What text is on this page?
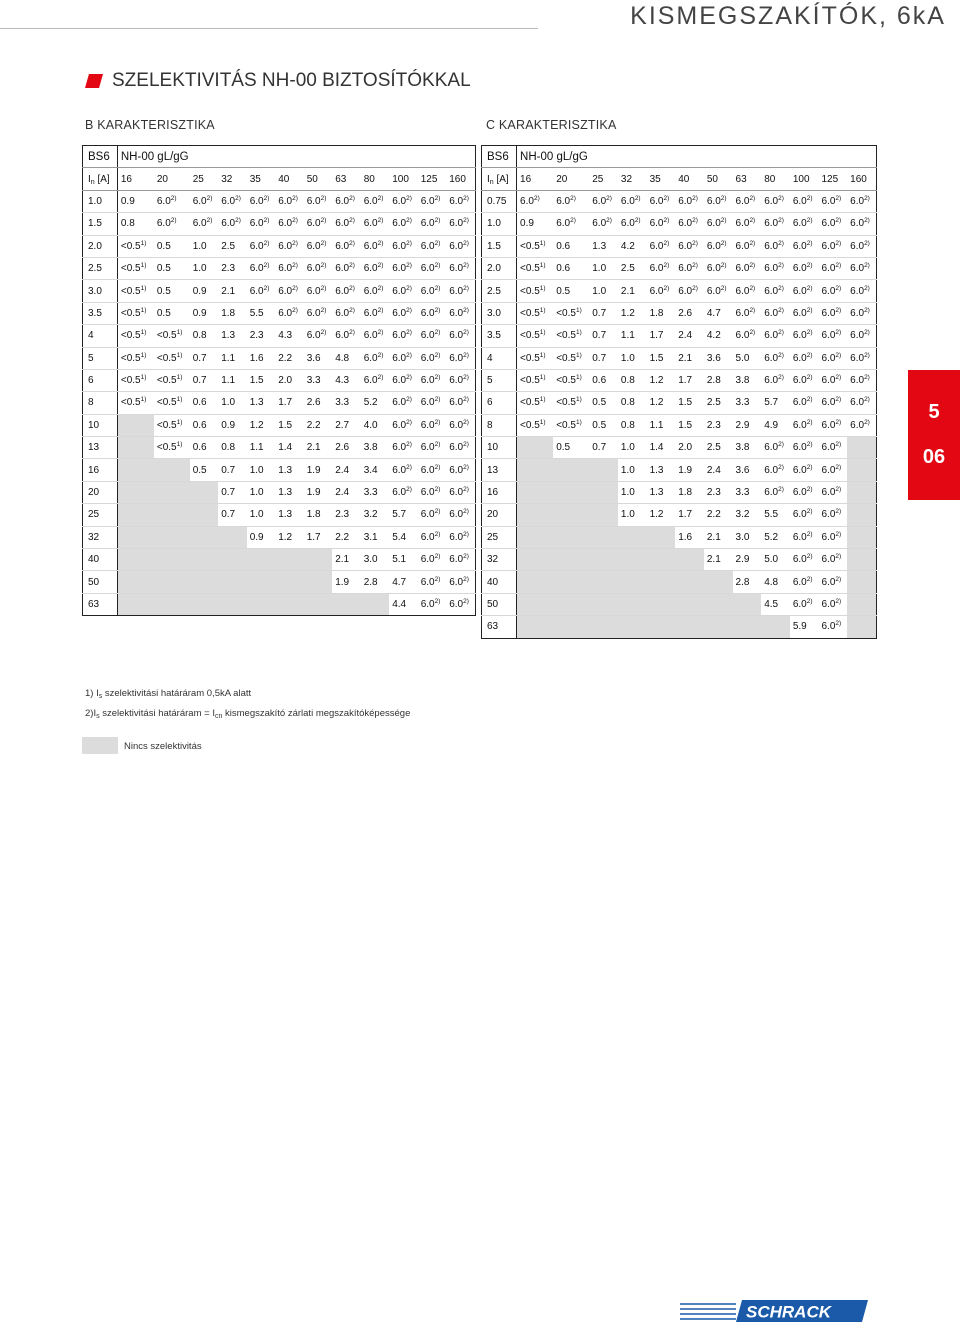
KISMEGSZAKÍTÓK, 6kA
SZELEKTIVITÁS NH-00 BIZTOSÍTÓKKAL
B KARAKTERISZTIKA
BS6	NH-00 gL/gG											
$I_n$ [A]	16	20	25	32	35	40	50	63	80	100	125	160
1.0	0.9	6.0$^{2)}$	6.0$^{2)}$	6.0$^{2)}$	6.0$^{2)}$	6.0$^{2)}$	6.0$^{2)}$	6.0$^{2)}$	6.0$^{2)}$	6.0$^{2)}$	6.0$^{2)}$	6.0$^{2)}$
1.5	0.8	6.0$^{2)}$	6.0$^{2)}$	6.0$^{2)}$	6.0$^{2)}$	6.0$^{2)}$	6.0$^{2)}$	6.0$^{2)}$	6.0$^{2)}$	6.0$^{2)}$	6.0$^{2)}$	6.0$^{2)}$
2.0	$<0.5^{1)}$	0.5	1.0	2.5	6.0$^{2)}$	6.0$^{2)}$	6.0$^{2)}$	6.0$^{2)}$	6.0$^{2)}$	6.0$^{2)}$	6.0$^{2)}$	6.0$^{2)}$
2.5	$<0.5^{1)}$	0.5	1.0	2.3	6.0$^{2)}$	6.0$^{2)}$	6.0$^{2)}$	6.0$^{2)}$	6.0$^{2)}$	6.0$^{2)}$	6.0$^{2)}$	6.0$^{2)}$
3.0	$<0.5^{1)}$	0.5	0.9	2.1	6.0$^{2)}$	6.0$^{2)}$	6.0$^{2)}$	6.0$^{2)}$	6.0$^{2)}$	6.0$^{2)}$	6.0$^{2)}$	6.0$^{2)}$
3.5	$<0.5^{1)}$	0.5	0.9	1.8	5.5	6.0$^{2)}$	6.0$^{2)}$	6.0$^{2)}$	6.0$^{2)}$	6.0$^{2)}$	6.0$^{2)}$	6.0$^{2)}$
4	$<0.5^{1)}$	$<0.5^{1)}$	0.8	1.3	2.3	4.3	6.0$^{2)}$	6.0$^{2)}$	6.0$^{2)}$	6.0$^{2)}$	6.0$^{2)}$	6.0$^{2)}$
5	$<0.5^{1)}$	$<0.5^{1)}$	0.7	1.1	1.6	2.2	3.6	4.8	6.0$^{2)}$	6.0$^{2)}$	6.0$^{2)}$	6.0$^{2)}$
6	$<0.5^{1)}$	$<0.5^{1)}$	0.7	1.1	1.5	2.0	3.3	4.3	6.0$^{2)}$	6.0$^{2)}$	6.0$^{2)}$	6.0$^{2)}$
8	$<0.5^{1)}$	$<0.5^{1)}$	0.6	1.0	1.3	1.7	2.6	3.3	5.2	6.0$^{2)}$	6.0$^{2)}$	6.0$^{2)}$
10		$<0.5^{1)}$	0.6	0.9	1.2	1.5	2.2	2.7	4.0	6.0$^{2)}$	6.0$^{2)}$	6.0$^{2)}$
13		$<0.5^{1)}$	0.6	0.8	1.1	1.4	2.1	2.6	3.8	6.0$^{2)}$	6.0$^{2)}$	6.0$^{2)}$
16			0.5	0.7	1.0	1.3	1.9	2.4	3.4	6.0$^{2)}$	6.0$^{2)}$	6.0$^{2)}$
20				0.7	1.0	1.3	1.9	2.4	3.3	6.0$^{2)}$	6.0$^{2)}$	6.0$^{2)}$
25				0.7	1.0	1.3	1.8	2.3	3.2	5.7	6.0$^{2)}$	6.0$^{2)}$
32					0.9	1.2	1.7	2.2	3.1	5.4	6.0$^{2)}$	6.0$^{2)}$
40								2.1	3.0	5.1	6.0$^{2)}$	6.0$^{2)}$
50								1.9	2.8	4.7	6.0$^{2)}$	6.0$^{2)}$
63										4.4	6.0$^{2)}$	6.0$^{2)}$
C KARAKTERISZTIKA
BS6	NH-00 gL/gG											
$I_n$ [A]	16	20	25	32	35	40	50	63	80	100	125	160
0.75	6.0$^{2)}$	6.0$^{2)}$	6.0$^{2)}$	6.0$^{2)}$	6.0$^{2)}$	6.0$^{2)}$	6.0$^{2)}$	6.0$^{2)}$	6.0$^{2)}$	6.0$^{2)}$	6.0$^{2)}$	6.0$^{2)}$
1.0	0.9	6.0$^{2)}$	6.0$^{2)}$	6.0$^{2)}$	6.0$^{2)}$	6.0$^{2)}$	6.0$^{2)}$	6.0$^{2)}$	6.0$^{2)}$	6.0$^{2)}$	6.0$^{2)}$	6.0$^{2)}$
1.5	$<0.5^{1)}$	0.6	1.3	4.2	6.0$^{2)}$	6.0$^{2)}$	6.0$^{2)}$	6.0$^{2)}$	6.0$^{2)}$	6.0$^{2)}$	6.0$^{2)}$	6.0$^{2)}$
2.0	$<0.5^{1)}$	0.6	1.0	2.5	6.0$^{2)}$	6.0$^{2)}$	6.0$^{2)}$	6.0$^{2)}$	6.0$^{2)}$	6.0$^{2)}$	6.0$^{2)}$	6.0$^{2)}$
2.5	$<0.5^{1)}$	0.5	1.0	2.1	6.0$^{2)}$	6.0$^{2)}$	6.0$^{2)}$	6.0$^{2)}$	6.0$^{2)}$	6.0$^{2)}$	6.0$^{2)}$	6.0$^{2)}$
3.0	$<0.5^{1)}$	$<0.5^{1)}$	0.7	1.2	1.8	2.6	4.7	6.0$^{2)}$	6.0$^{2)}$	6.0$^{2)}$	6.0$^{2)}$	6.0$^{2)}$
3.5	$<0.5^{1)}$	$<0.5^{1)}$	0.7	1.1	1.7	2.4	4.2	6.0$^{2)}$	6.0$^{2)}$	6.0$^{2)}$	6.0$^{2)}$	6.0$^{2)}$
4	$<0.5^{1)}$	$<0.5^{1)}$	0.7	1.0	1.5	2.1	3.6	5.0	6.0$^{2)}$	6.0$^{2)}$	6.0$^{2)}$	6.0$^{2)}$
5	$<0.5^{1)}$	$<0.5^{1)}$	0.6	0.8	1.2	1.7	2.8	3.8	6.0$^{2)}$	6.0$^{2)}$	6.0$^{2)}$	6.0$^{2)}$
6	$<0.5^{1)}$	$<0.5^{1)}$	0.5	0.8	1.2	1.5	2.5	3.3	5.7	6.0$^{2)}$	6.0$^{2)}$	6.0$^{2)}$
8	$<0.5^{1)}$	$<0.5^{1)}$	0.5	0.8	1.1	1.5	2.3	2.9	4.9	6.0$^{2)}$	6.0$^{2)}$	6.0$^{2)}$
10		0.5	0.7	1.0	1.4	2.0	2.5	3.8	6.0$^{2)}$	6.0$^{2)}$	6.0$^{2)}$	
13				1.0	1.3	1.9	2.4	3.6	6.0$^{2)}$	6.0$^{2)}$	6.0$^{2)}$	
16				1.0	1.3	1.8	2.3	3.3	6.0$^{2)}$	6.0$^{2)}$	6.0$^{2)}$	
20				1.0	1.2	1.7	2.2	3.2	5.5	6.0$^{2)}$	6.0$^{2)}$	
25						1.6	2.1	3.0	5.2	6.0$^{2)}$	6.0$^{2)}$	
32							2.1	2.9	5.0	6.0$^{2)}$	6.0$^{2)}$	
40								2.8	4.8	6.0$^{2)}$	6.0$^{2)}$	
50									4.5	6.0$^{2)}$	6.0$^{2)}$	
63										5.9	6.0$^{2)}$	
5
06
1) $I_s$ szelektivitási határáram 0,5kA alatt
$2)I_s$ szelektivitási határáram = $I_{cn}$ kismegszakító zárlati megszakítóképessége
Nincs szelektivitás
SCHRACK
